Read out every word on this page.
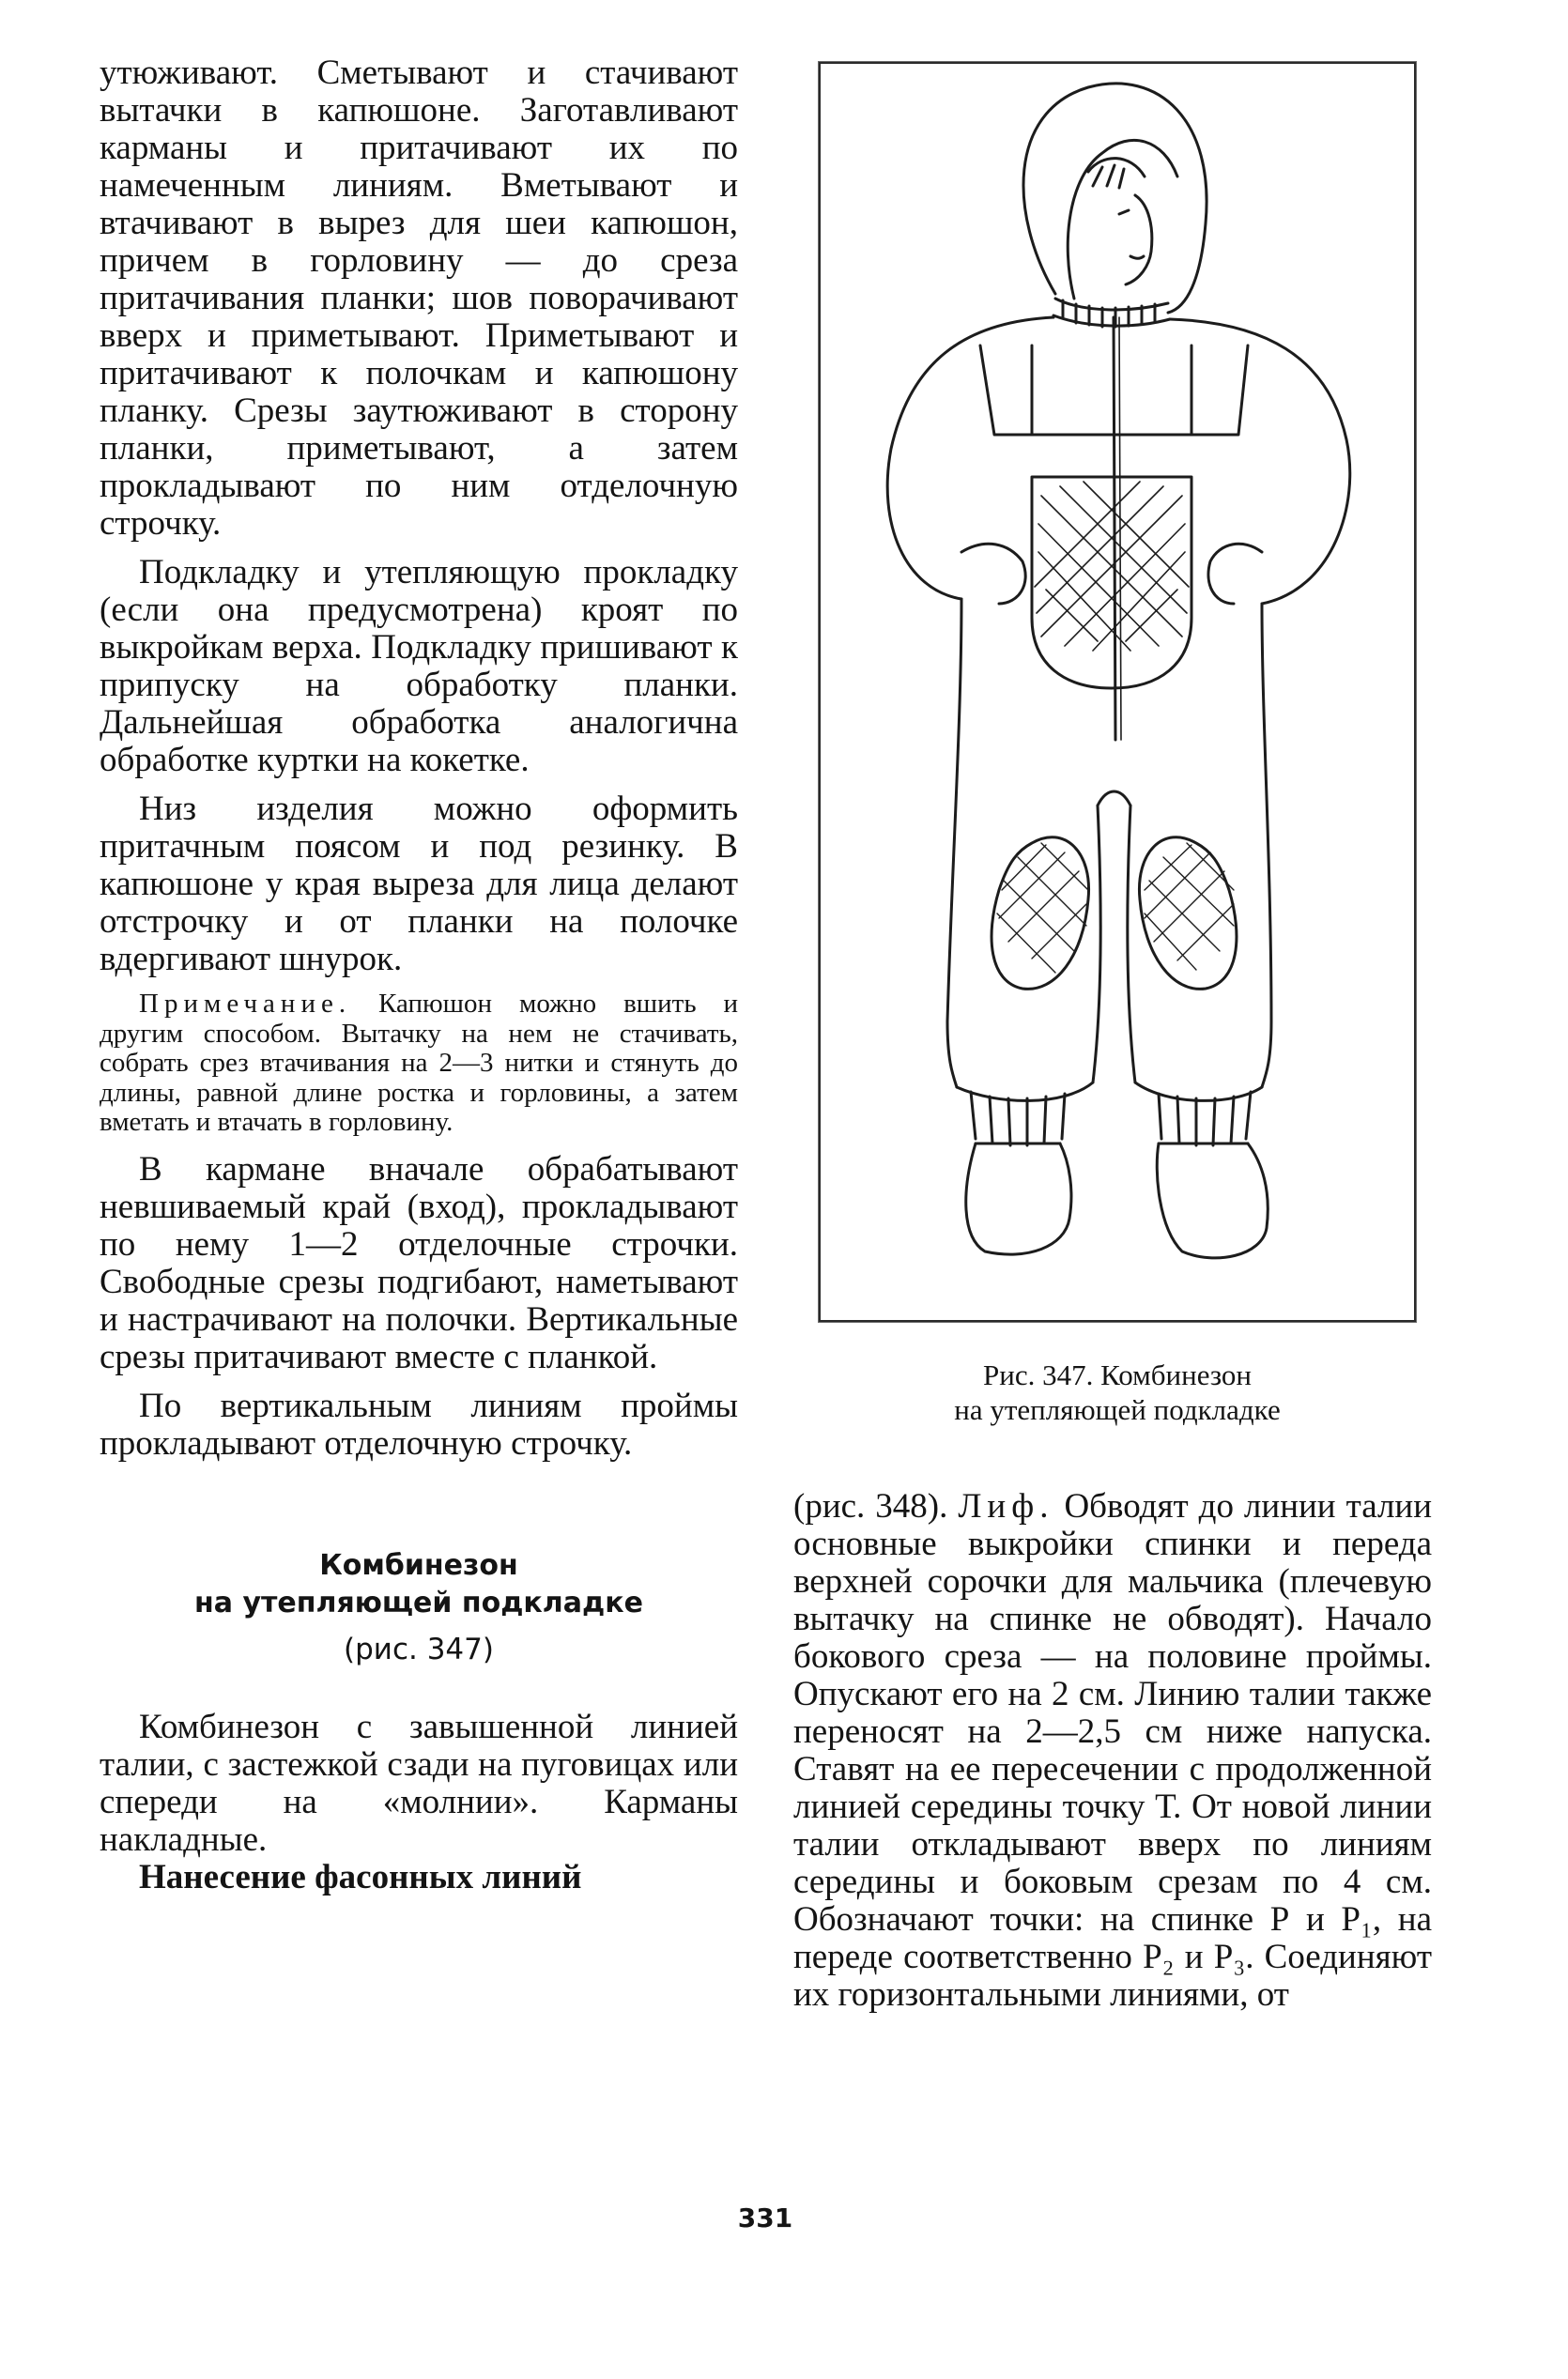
утюживают. Сметывают и стачивают вытачки в капюшоне. Заготавливают карманы и притачивают их по намеченным линиям. Вметывают и втачивают в вырез для шеи капюшон, причем в горловину — до среза притачивания планки; шов поворачивают вверх и приметывают. Приметывают и притачивают к полочкам и капюшону планку. Срезы заутюживают в сторону планки, приметывают, а затем прокладывают по ним отделочную строчку.

Подкладку и утепляющую прокладку (если она предусмотрена) кроят по выкройкам верха. Подкладку пришивают к припуску на обработку планки. Дальнейшая обработка аналогична обработке куртки на кокетке.

Низ изделия можно оформить притачным поясом и под резинку. В капюшоне у края выреза для лица делают отстрочку и от планки на полочке вдергивают шнурок.

Примечание. Капюшон можно вшить и другим способом. Вытачку на нем не стачивать, собрать срез втачивания на 2—3 нитки и стянуть до длины, равной длине ростка и горловины, а затем вметать и втачать в горловину.

В кармане вначале обрабатывают невшиваемый край (вход), прокладывают по нему 1—2 отделочные строчки. Свободные срезы подгибают, наметывают и настрачивают на полочки. Вертикальные срезы притачивают вместе с планкой.

По вертикальным линиям проймы прокладывают отделочную строчку.

Комбинезон
на утепляющей подкладке
(рис. 347)

Комбинезон с завышенной линией талии, с застежкой сзади на пуговицах или спереди на «молнии». Карманы накладные.

Нанесение фасонных линий

Рис. 347. Комбинезон
на утепляющей подкладке

(рис. 348). Лиф. Обводят до линии талии основные выкройки спинки и переда верхней сорочки для мальчика (плечевую вытачку на спинке не обводят). Начало бокового среза — на половине проймы. Опускают его на 2 см. Линию талии также переносят на 2—2,5 см ниже напуска. Ставят на ее пересечении с продолженной линией середины точку Т. От новой линии талии откладывают вверх по линиям середины и боковым срезам по 4 см. Обозначают точки: на спинке Р и Р₁, на переде соответственно Р₂ и Р₃. Соединяют их горизонтальными линиями, от

331
